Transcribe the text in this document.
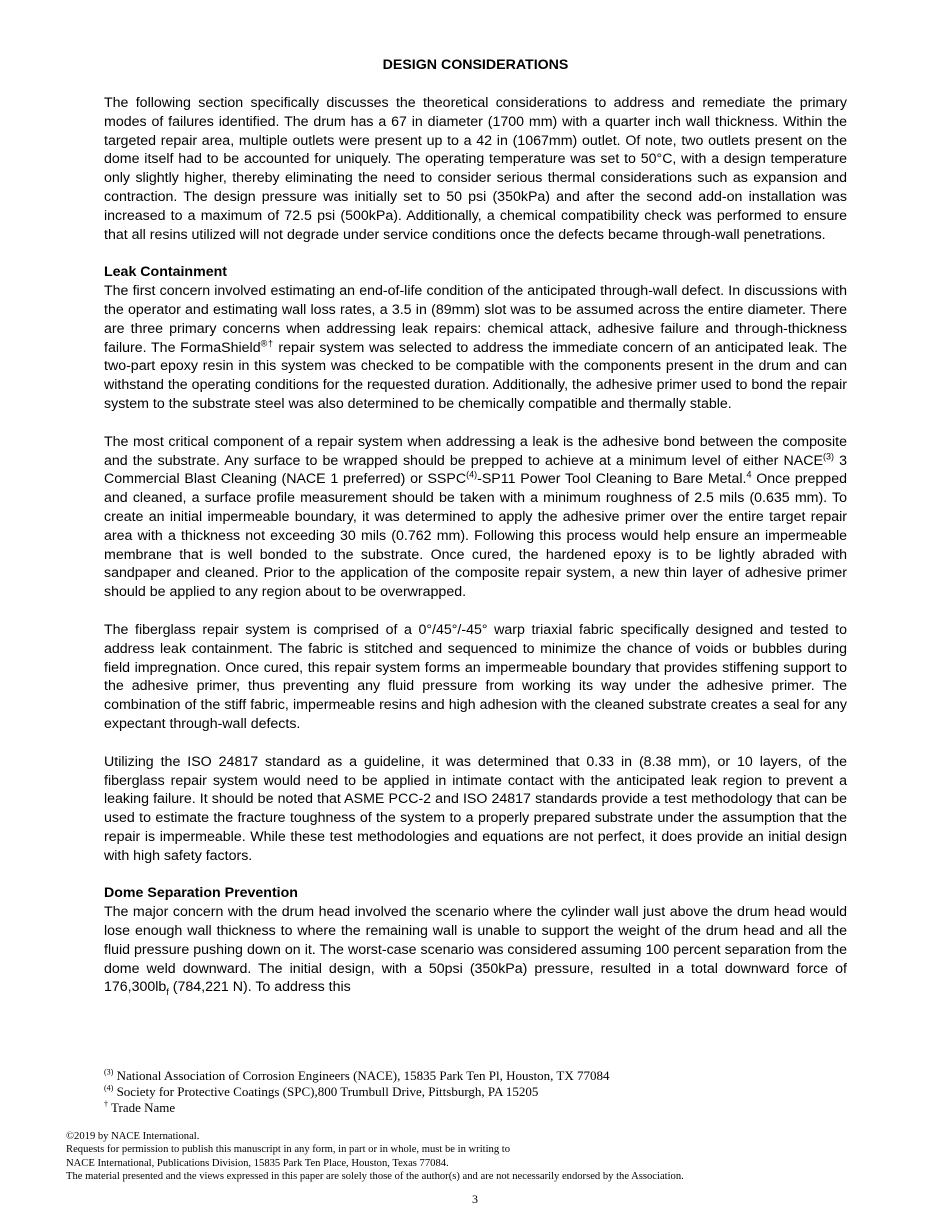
DESIGN CONSIDERATIONS

The following section specifically discusses the theoretical considerations to address and remediate the primary modes of failures identified. The drum has a 67 in diameter (1700 mm) with a quarter inch wall thickness. Within the targeted repair area, multiple outlets were present up to a 42 in (1067mm) outlet. Of note, two outlets present on the dome itself had to be accounted for uniquely. The operating temperature was set to 50°C, with a design temperature only slightly higher, thereby eliminating the need to consider serious thermal considerations such as expansion and contraction. The design pressure was initially set to 50 psi (350kPa) and after the second add-on installation was increased to a maximum of 72.5 psi (500kPa). Additionally, a chemical compatibility check was performed to ensure that all resins utilized will not degrade under service conditions once the defects became through-wall penetrations.

Leak Containment

The first concern involved estimating an end-of-life condition of the anticipated through-wall defect. In discussions with the operator and estimating wall loss rates, a 3.5 in (89mm) slot was to be assumed across the entire diameter. There are three primary concerns when addressing leak repairs: chemical attack, adhesive failure and through-thickness failure. The FormaShield®† repair system was selected to address the immediate concern of an anticipated leak. The two-part epoxy resin in this system was checked to be compatible with the components present in the drum and can withstand the operating conditions for the requested duration. Additionally, the adhesive primer used to bond the repair system to the substrate steel was also determined to be chemically compatible and thermally stable.

The most critical component of a repair system when addressing a leak is the adhesive bond between the composite and the substrate. Any surface to be wrapped should be prepped to achieve at a minimum level of either NACE$^{(3)}$ 3 Commercial Blast Cleaning (NACE 1 preferred) or SSPC$^{(4)}$-SP11 Power Tool Cleaning to Bare Metal.$^4$ Once prepped and cleaned, a surface profile measurement should be taken with a minimum roughness of 2.5 mils (0.635 mm). To create an initial impermeable boundary, it was determined to apply the adhesive primer over the entire target repair area with a thickness not exceeding 30 mils (0.762 mm). Following this process would help ensure an impermeable membrane that is well bonded to the substrate. Once cured, the hardened epoxy is to be lightly abraded with sandpaper and cleaned. Prior to the application of the composite repair system, a new thin layer of adhesive primer should be applied to any region about to be overwrapped.

The fiberglass repair system is comprised of a 0°/45°/-45° warp triaxial fabric specifically designed and tested to address leak containment. The fabric is stitched and sequenced to minimize the chance of voids or bubbles during field impregnation. Once cured, this repair system forms an impermeable boundary that provides stiffening support to the adhesive primer, thus preventing any fluid pressure from working its way under the adhesive primer. The combination of the stiff fabric, impermeable resins and high adhesion with the cleaned substrate creates a seal for any expectant through-wall defects.

Utilizing the ISO 24817 standard as a guideline, it was determined that 0.33 in (8.38 mm), or 10 layers, of the fiberglass repair system would need to be applied in intimate contact with the anticipated leak region to prevent a leaking failure. It should be noted that ASME PCC-2 and ISO 24817 standards provide a test methodology that can be used to estimate the fracture toughness of the system to a properly prepared substrate under the assumption that the repair is impermeable. While these test methodologies and equations are not perfect, it does provide an initial design with high safety factors.

Dome Separation Prevention

The major concern with the drum head involved the scenario where the cylinder wall just above the drum head would lose enough wall thickness to where the remaining wall is unable to support the weight of the drum head and all the fluid pressure pushing down on it. The worst-case scenario was considered assuming 100 percent separation from the dome weld downward. The initial design, with a 50psi (350kPa) pressure, resulted in a total downward force of $176,300lb_f$ (784,221 N). To address this

$^{(3)}$ National Association of Corrosion Engineers (NACE), 15835 Park Ten Pl, Houston, TX 77084
$^{(4)}$ Society for Protective Coatings (SPC),800 Trumbull Drive, Pittsburgh, PA 15205
† Trade Name
©2019 by NACE International.
Requests for permission to publish this manuscript in any form, in part or in whole, must be in writing to
NACE International, Publications Division, 15835 Park Ten Place, Houston, Texas 77084.
The material presented and the views expressed in this paper are solely those of the author(s) and are not necessarily endorsed by the Association.
3
